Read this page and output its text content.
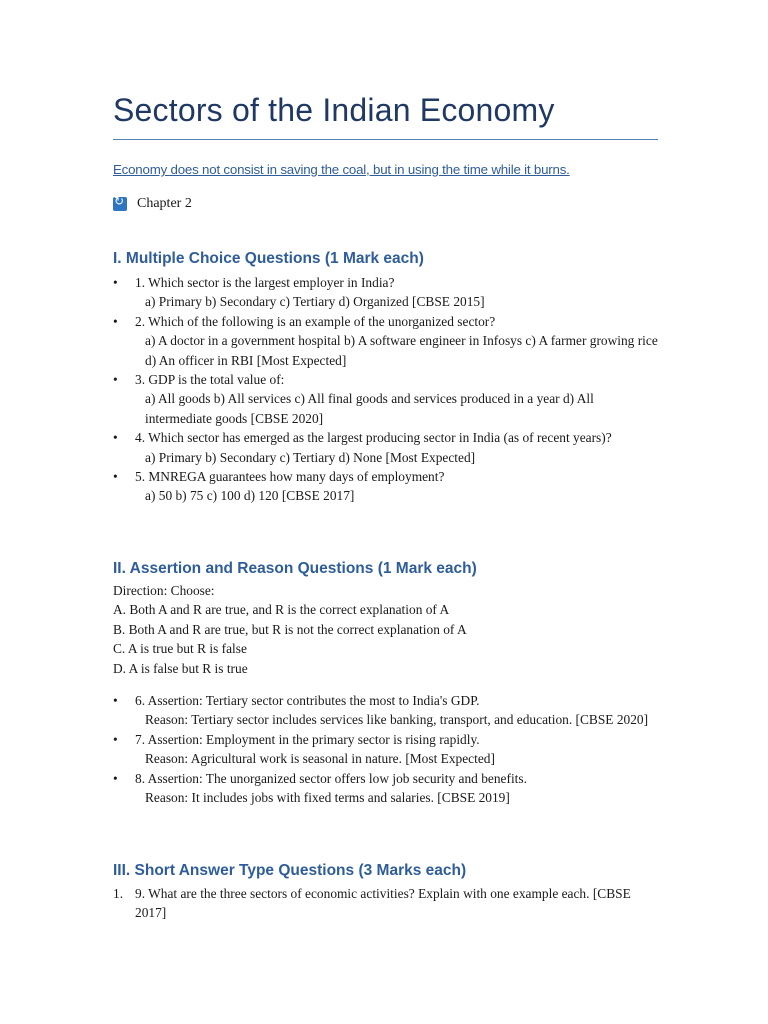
Sectors of the Indian Economy
Economy does not consist in saving the coal, but in using the time while it burns.
↻
Chapter 2
I. Multiple Choice Questions (1 Mark each)
• 1. Which sector is the largest employer in India?
a) Primary b) Secondary c) Tertiary d) Organized [CBSE 2015]
• 2. Which of the following is an example of the unorganized sector?
a) A doctor in a government hospital b) A software engineer in Infosys c) A farmer growing rice d) An officer in RBI [Most Expected]
• 3. GDP is the total value of:
a) All goods b) All services c) All final goods and services produced in a year d) All intermediate goods [CBSE 2020]
• 4. Which sector has emerged as the largest producing sector in India (as of recent years)?
a) Primary b) Secondary c) Tertiary d) None [Most Expected]
• 5. MNREGA guarantees how many days of employment?
a) 50 b) 75 c) 100 d) 120 [CBSE 2017]
II. Assertion and Reason Questions (1 Mark each)
Direction: Choose:
A. Both A and R are true, and R is the correct explanation of A
B. Both A and R are true, but R is not the correct explanation of A
C. A is true but R is false
D. A is false but R is true
• 6. Assertion: Tertiary sector contributes the most to India's GDP.
Reason: Tertiary sector includes services like banking, transport, and education. [CBSE 2020]
• 7. Assertion: Employment in the primary sector is rising rapidly.
Reason: Agricultural work is seasonal in nature. [Most Expected]
• 8. Assertion: The unorganized sector offers low job security and benefits.
Reason: It includes jobs with fixed terms and salaries. [CBSE 2019]
III. Short Answer Type Questions (3 Marks each)
1. 9. What are the three sectors of economic activities? Explain with one example each. [CBSE 2017]
